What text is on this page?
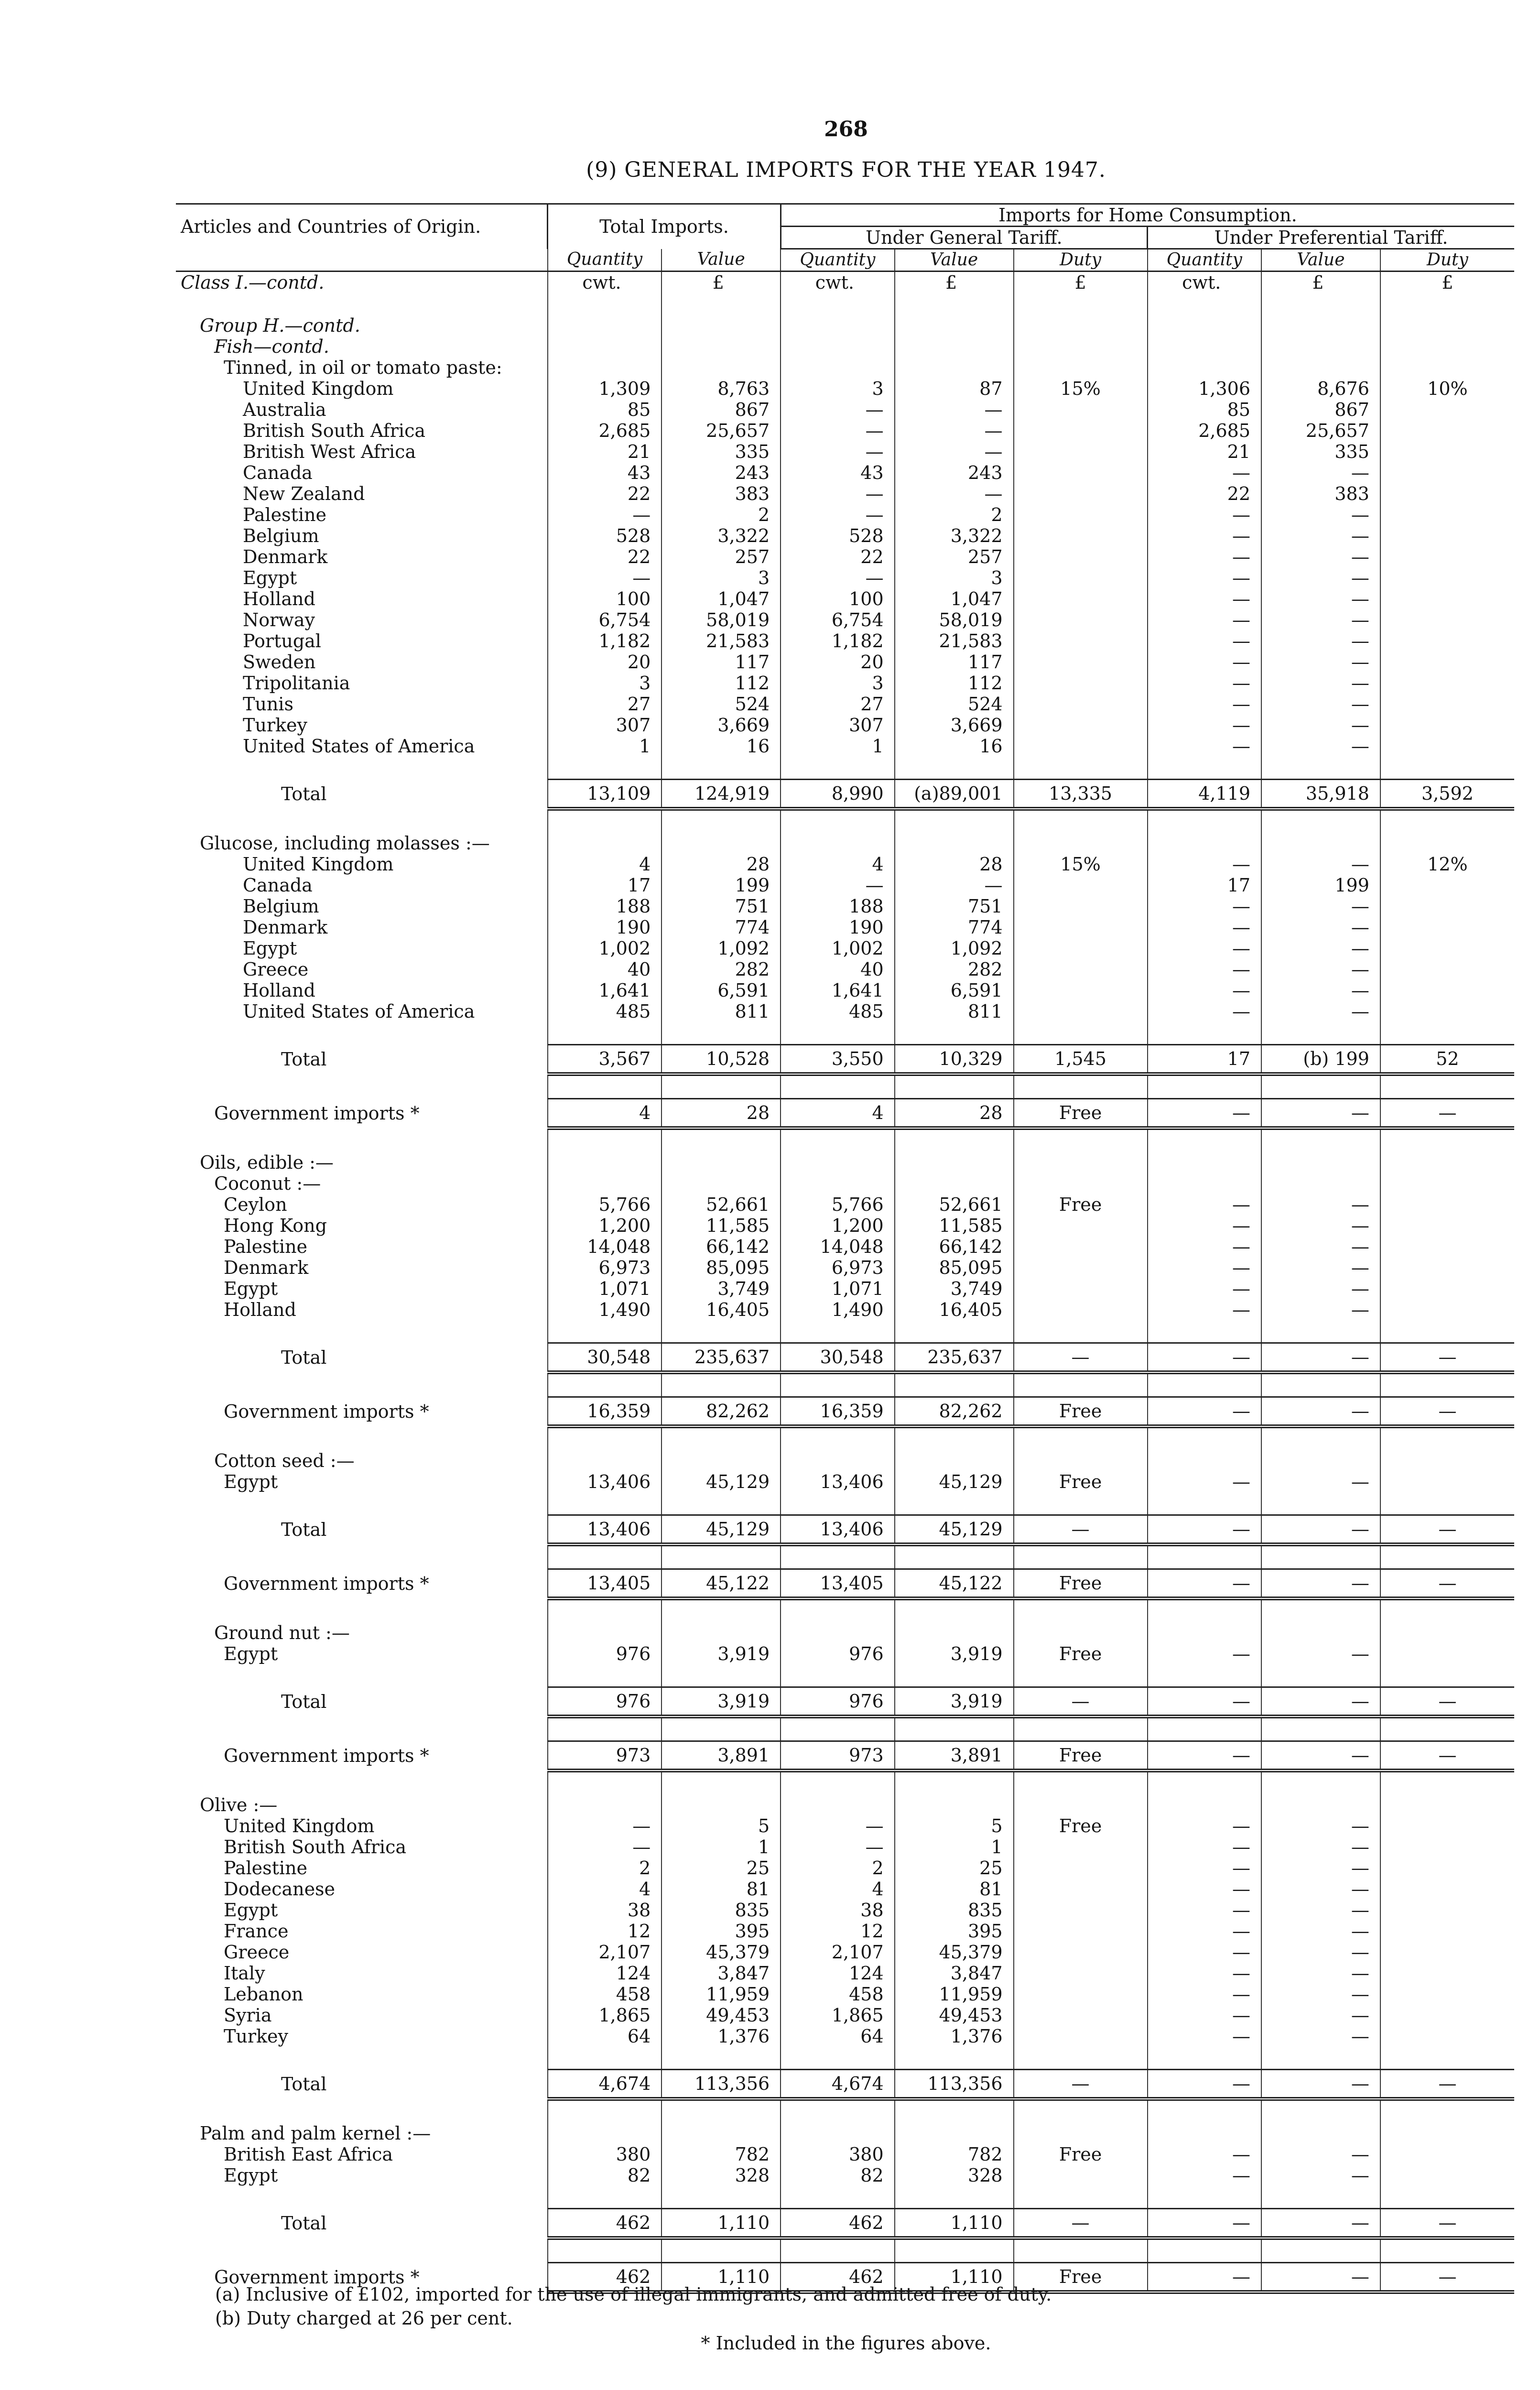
268
(9) GENERAL IMPORTS FOR THE YEAR 1947.
Articles and Countries of Origin.	Total Imports.		Imports for Home Consumption.					
			Under General Tariff.			Under Preferential Tariff.		
	Quantity	Value	Quantity	Value	Duty	Quantity	Value	Duty
Class I.—contd.	cwt.	£	cwt.	£	£	cwt.	£	£

Group H.—contd.								
Fish—contd.								
Tinned, in oil or tomato paste:								
United Kingdom	1,309	8,763	3	87	15%	1,306	8,676	10%
Australia	85	867	—	—		85	867	
British South Africa	2,685	25,657	—	—		2,685	25,657	
British West Africa	21	335	—	—		21	335	
Canada	43	243	43	243		—	—	
New Zealand	22	383	—	—		22	383	
Palestine	—	2	—	2		—	—	
Belgium	528	3,322	528	3,322		—	—	
Denmark	22	257	22	257		—	—	
Egypt	—	3	—	3		—	—	
Holland	100	1,047	100	1,047		—	—	
Norway	6,754	58,019	6,754	58,019		—	—	
Portugal	1,182	21,583	1,182	21,583		—	—	
Sweden	20	117	20	117		—	—	
Tripolitania	3	112	3	112		—	—	
Tunis	27	524	27	524		—	—	
Turkey	307	3,669	307	3,669		—	—	
United States of America	1	16	1	16		—	—	

Total	13,109	124,919	8,990	(a)89,001	13,335	4,119	35,918	3,592

Glucose, including molasses :—								
United Kingdom	4	28	4	28	15%	—	—	12%
Canada	17	199	—	—		17	199	
Belgium	188	751	188	751		—	—	
Denmark	190	774	190	774		—	—	
Egypt	1,002	1,092	1,002	1,092		—	—	
Greece	40	282	40	282		—	—	
Holland	1,641	6,591	1,641	6,591		—	—	
United States of America	485	811	485	811		—	—	

Total	3,567	10,528	3,550	10,329	1,545	17	(b) 199	52

Government imports *	4	28	4	28	Free	—	—	—

Oils, edible :—								
Coconut :—								
Ceylon	5,766	52,661	5,766	52,661	Free	—	—	
Hong Kong	1,200	11,585	1,200	11,585		—	—	
Palestine	14,048	66,142	14,048	66,142		—	—	
Denmark	6,973	85,095	6,973	85,095		—	—	
Egypt	1,071	3,749	1,071	3,749		—	—	
Holland	1,490	16,405	1,490	16,405		—	—	

Total	30,548	235,637	30,548	235,637	—	—	—	—

Government imports *	16,359	82,262	16,359	82,262	Free	—	—	—

Cotton seed :—								
Egypt	13,406	45,129	13,406	45,129	Free	—	—	

Total	13,406	45,129	13,406	45,129	—	—	—	—

Government imports *	13,405	45,122	13,405	45,122	Free	—	—	—

Ground nut :—								
Egypt	976	3,919	976	3,919	Free	—	—	

Total	976	3,919	976	3,919	—	—	—	—

Government imports *	973	3,891	973	3,891	Free	—	—	—

Olive :—								
United Kingdom	—	5	—	5	Free	—	—	
British South Africa	—	1	—	1		—	—	
Palestine	2	25	2	25		—	—	
Dodecanese	4	81	4	81		—	—	
Egypt	38	835	38	835		—	—	
France	12	395	12	395		—	—	
Greece	2,107	45,379	2,107	45,379		—	—	
Italy	124	3,847	124	3,847		—	—	
Lebanon	458	11,959	458	11,959		—	—	
Syria	1,865	49,453	1,865	49,453		—	—	
Turkey	64	1,376	64	1,376		—	—	

Total	4,674	113,356	4,674	113,356	—	—	—	—

Palm and palm kernel :—								
British East Africa	380	782	380	782	Free	—	—	
Egypt	82	328	82	328		—	—	

Total	462	1,110	462	1,110	—	—	—	—

Government imports *	462	1,110	462	1,110	Free	—	—	—
(a) Inclusive of £102, imported for the use of illegal immigrants, and admitted free of duty.
(b) Duty charged at 26 per cent.
* Included in the figures above.
